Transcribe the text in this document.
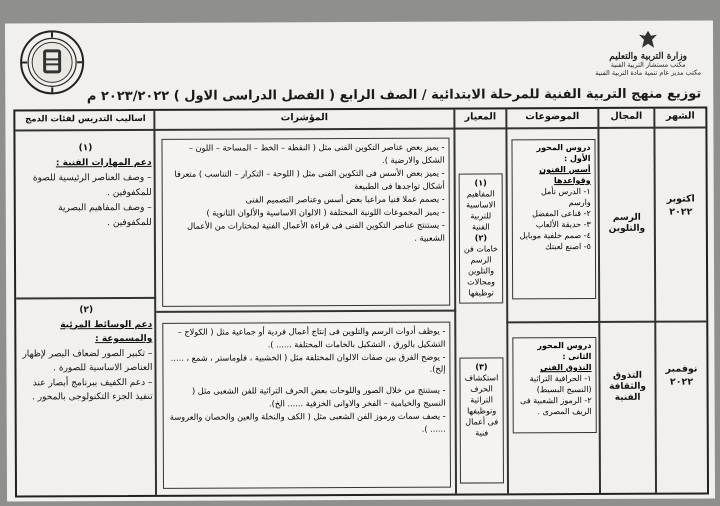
وزارة التربية والتعليم
مكتب مستشار التربية الفنية
مكتب مدير عام تنمية مادة التربية الفنية
توزيع منهج التربية الفنية للمرحلة الابتدائية / الصف الرابع ( الفصل الدراسى الاول ) ٢٠٢٣/٢٠٢٢ م
الشهر
المجال
الموضوعات
المعيار
المؤشرات
اساليب التدريس لفئات الدمج
اكتوبر ٢٠٢٢
الرسم والتلوين
دروس المحور الأول :
أسس الفنون وقواعدها
١- الدرس تأمل وارسم
٢- قناعى المفضل
٣- حديقة الألعاب
٤- صمم خلفية موبايل
٥- اصنع لعبتك
(١)
المفاهيم الاساسية للتربية الفنية
(٢)
خامات فن الرسم والتلوين ومجالات توظيفها
- يميز بعض عناصر التكوين الفنى مثل ( النقطة – الخط – المساحة – اللون – الشكل والارضية ).
- يميز بعض الأسس فى التكوين الفنى مثل ( اللوحة – التكرار – التناسب ) متعرفا أشكال تواجدها فى الطبيعة
- يصمم عملا فنيا مراعيا بعض أسس وعناصر التصميم الفنى
- يميز المجموعات اللونية المختلفة ( الالوان الاساسية والألوان الثانوية )
- يستنتج عناصر التكوين الفنى فى قراءة الأعمال الفنية لمختارات من الأعمال الشعبية .
(١)
دعم المهارات الفنية :
– وصف العناصر الرئيسية للصوة للمكفوفين .
– وصف المفاهيم البصرية للمكفوفين .
نوفمبر ٢٠٢٢
التذوق والثقافة الفنية
دروس المحور الثانى :
التذوق الفنى
١- الحرافية التراثية (النسيج البسيط)
٢- الرموز الشعبية فى الريف المصرى .
(٣)
استكشاف الحرف التراثية وتوظيفها فى أعمال فنية
- يوظف أدوات الرسم والتلوين فى إنتاج أعمال فردية أو جماعية مثل ( الكولاج – التشكيل بالورق ، التشكيل بالخامات المختلفة ...... ).
- يوضح الفرق بين صفات الالوان المختلفة مثل ( الخشبية ، فلوماستر ، شمع ، ..... إلخ).
- يستنتج من خلال الصور واللوحات بعض الحرف التراثية للفن الشعبى مثل ( النسيج والخيامية – الفخر والاوانى الخزفية ...... الخ).
- يصف سمات ورموز الفن الشعبى مثل ( الكف والنخلة والعين والحصان والعروسة ...... ).
(٢)
دعم الوسائط المرئية والمسموعة :
– تكبير الصور لضعاف البصر لإظهار العناصر الاساسية للصورة .
– دعم الكفيف ببرنامج أبصار عند تنفيذ الجزء التكنولوجى بالمحور .
